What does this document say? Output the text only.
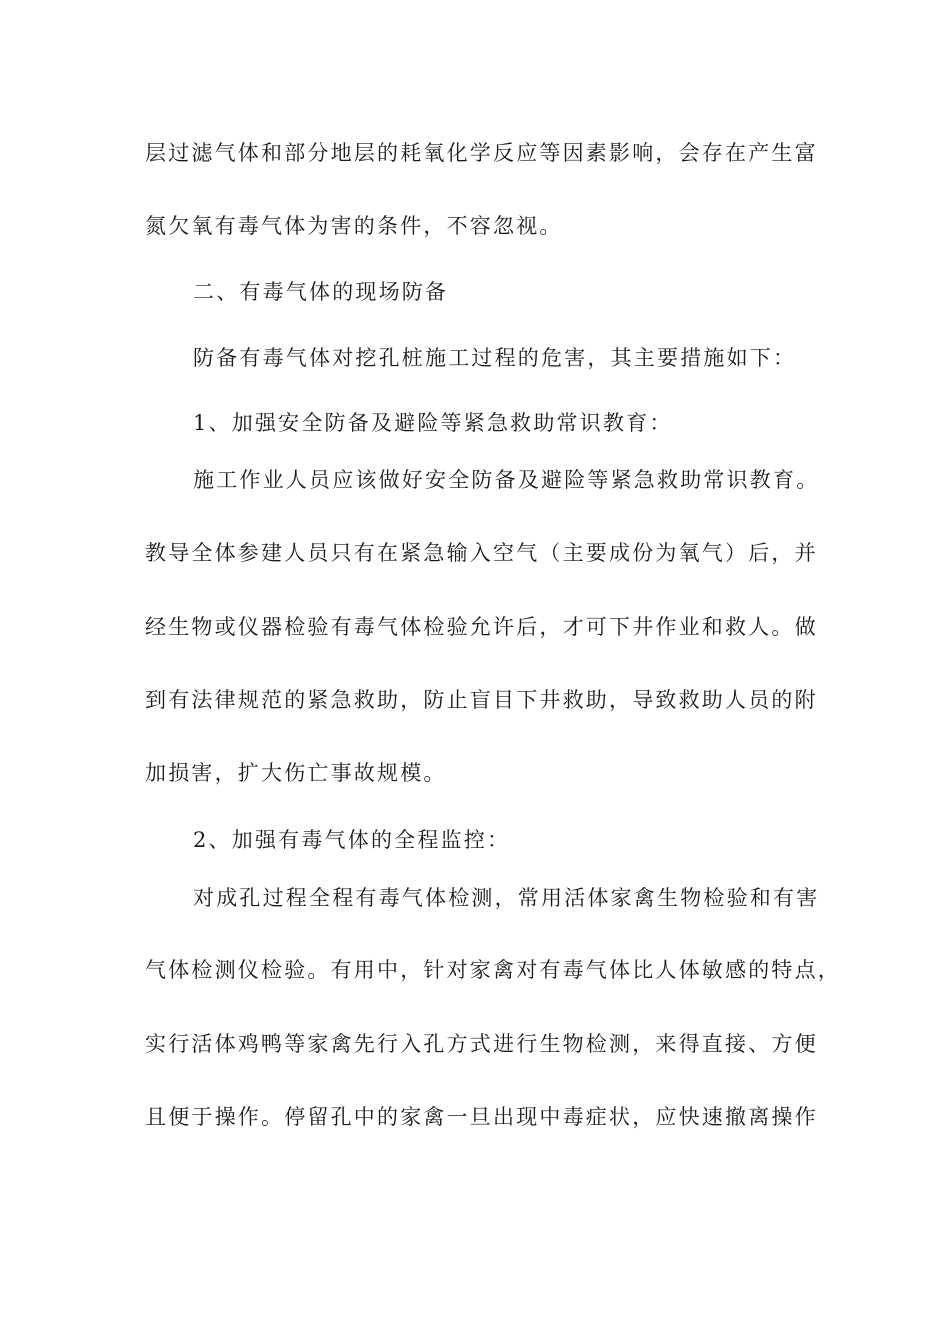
层过滤气体和部分地层的耗氧化学反应等因素影响，会存在产生富
氮欠氧有毒气体为害的条件，不容忽视。
二、有毒气体的现场防备
防备有毒气体对挖孔桩施工过程的危害，其主要措施如下：
1、加强安全防备及避险等紧急救助常识教育：
施工作业人员应该做好安全防备及避险等紧急救助常识教育。
教导全体参建人员只有在紧急输入空气（主要成份为氧气）后，并
经生物或仪器检验有毒气体检验允许后，才可下井作业和救人。做
到有法律规范的紧急救助，防止盲目下井救助，导致救助人员的附
加损害，扩大伤亡事故规模。
2、加强有毒气体的全程监控：
对成孔过程全程有毒气体检测，常用活体家禽生物检验和有害
气体检测仪检验。有用中，针对家禽对有毒气体比人体敏感的特点，
实行活体鸡鸭等家禽先行入孔方式进行生物检测，来得直接、方便
且便于操作。停留孔中的家禽一旦出现中毒症状，应快速撤离操作
